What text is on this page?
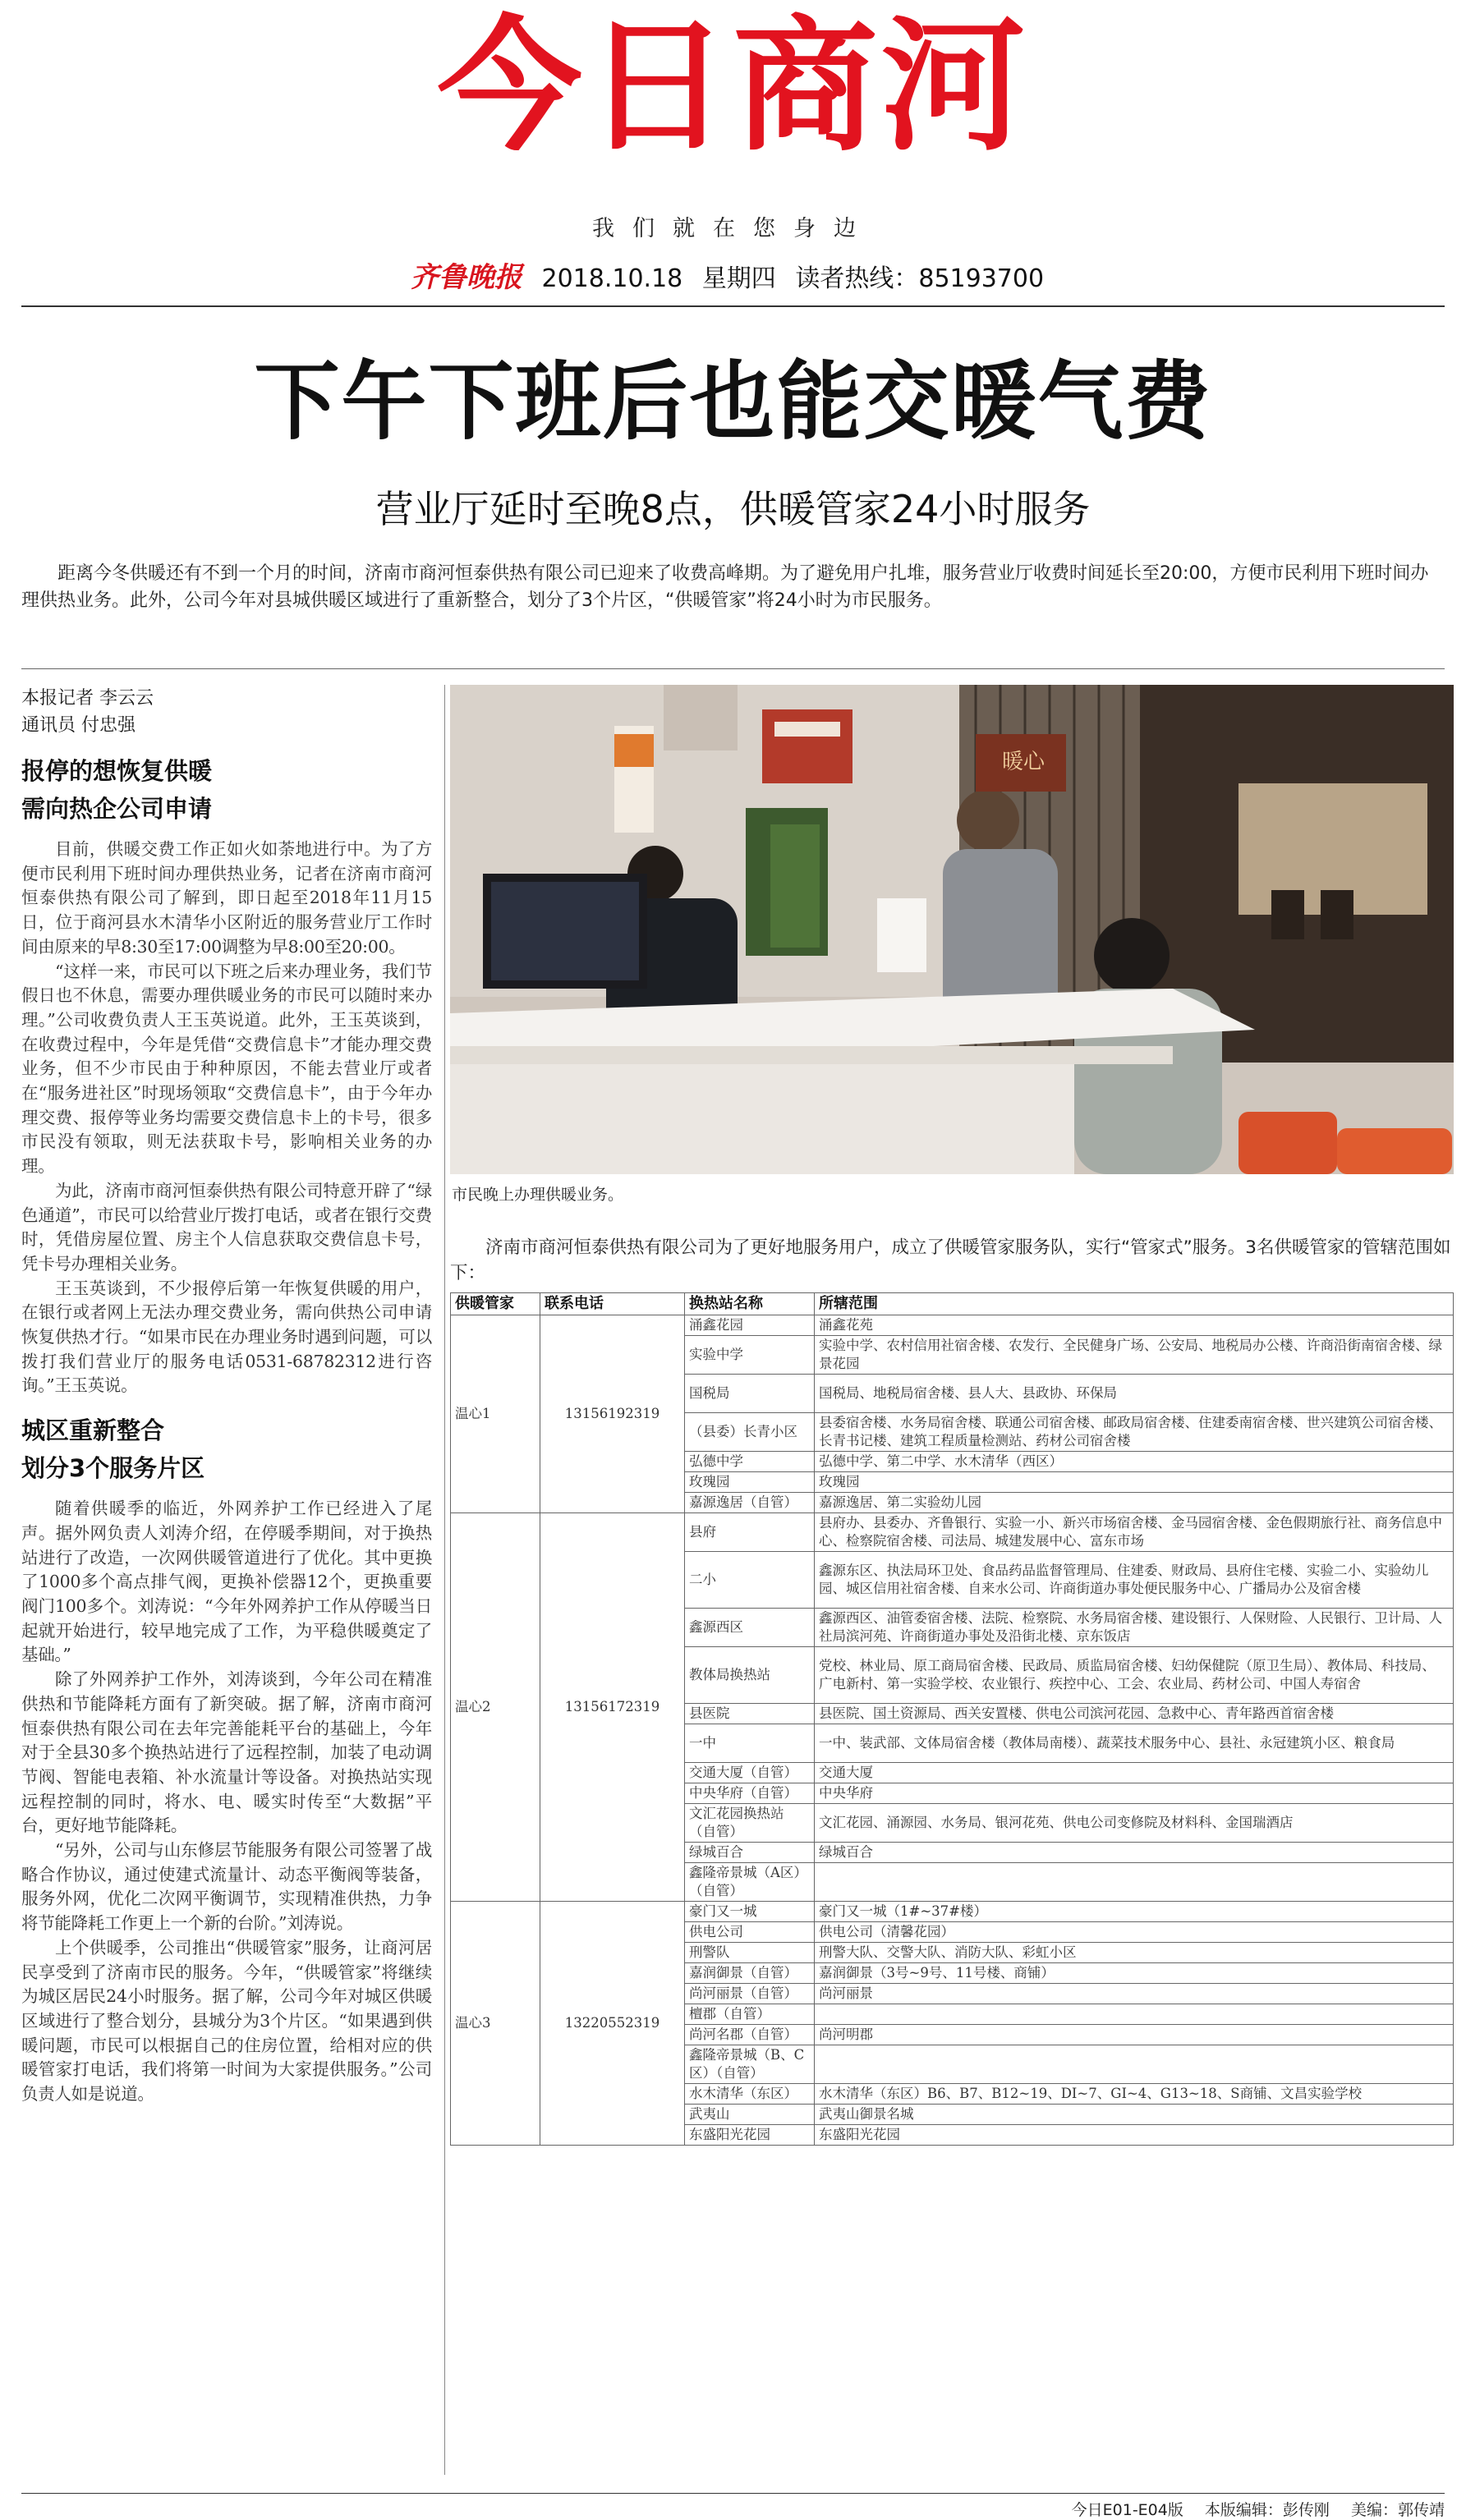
今日商河
我们就在您身边
齐鲁晚报 2018.10.18 星期四 读者热线：85193700
下午下班后也能交暖气费
营业厅延时至晚8点，供暖管家24小时服务
距离今冬供暖还有不到一个月的时间，济南市商河恒泰供热有限公司已迎来了收费高峰期。为了避免用户扎堆，服务营业厅收费时间延长至20:00，方便市民利用下班时间办理供热业务。此外，公司今年对县城供暖区域进行了重新整合，划分了3个片区，“供暖管家”将24小时为市民服务。

本报记者 李云云

通讯员 付忠强

报停的想恢复供暖

需向热企公司申请

目前，供暖交费工作正如火如荼地进行中。为了方便市民利用下班时间办理供热业务，记者在济南市商河恒泰供热有限公司了解到，即日起至2018年11月15日，位于商河县水木清华小区附近的服务营业厅工作时间由原来的早8:30至17:00调整为早8:00至20:00。

“这样一来，市民可以下班之后来办理业务，我们节假日也不休息，需要办理供暖业务的市民可以随时来办理。”公司收费负责人王玉英说道。此外，王玉英谈到，在收费过程中，今年是凭借“交费信息卡”才能办理交费业务，但不少市民由于种种原因，不能去营业厅或者在“服务进社区”时现场领取“交费信息卡”，由于今年办理交费、报停等业务均需要交费信息卡上的卡号，很多市民没有领取，则无法获取卡号，影响相关业务的办理。

为此，济南市商河恒泰供热有限公司特意开辟了“绿色通道”，市民可以给营业厅拨打电话，或者在银行交费时，凭借房屋位置、房主个人信息获取交费信息卡号，凭卡号办理相关业务。

王玉英谈到，不少报停后第一年恢复供暖的用户，在银行或者网上无法办理交费业务，需向供热公司申请恢复供热才行。“如果市民在办理业务时遇到问题，可以拨打我们营业厅的服务电话0531-68782312进行咨询。”王玉英说。

城区重新整合

划分3个服务片区

随着供暖季的临近，外网养护工作已经进入了尾声。据外网负责人刘涛介绍，在停暖季期间，对于换热站进行了改造，一次网供暖管道进行了优化。其中更换了1000多个高点排气阀，更换补偿器12个，更换重要阀门100多个。刘涛说：“今年外网养护工作从停暖当日起就开始进行，较早地完成了工作，为平稳供暖奠定了基础。”

除了外网养护工作外，刘涛谈到，今年公司在精准供热和节能降耗方面有了新突破。据了解，济南市商河恒泰供热有限公司在去年完善能耗平台的基础上，今年对于全县30多个换热站进行了远程控制，加装了电动调节阀、智能电表箱、补水流量计等设备。对换热站实现远程控制的同时，将水、电、暖实时传至“大数据”平台，更好地节能降耗。

“另外，公司与山东修层节能服务有限公司签署了战略合作协议，通过使建式流量计、动态平衡阀等装备，服务外网，优化二次网平衡调节，实现精准供热，力争将节能降耗工作更上一个新的台阶。”刘涛说。

上个供暖季，公司推出“供暖管家”服务，让商河居民享受到了济南市民的服务。今年，“供暖管家”将继续为城区居民24小时服务。据了解，公司今年对城区供暖区域进行了整合划分，县城分为3个片区。“如果遇到供暖问题，市民可以根据自己的住房位置，给相对应的供暖管家打电话，我们将第一时间为大家提供服务。”公司负责人如是说道。

暖心
市民晚上办理供暖业务。
济南市商河恒泰供热有限公司为了更好地服务用户，成立了供暖管家服务队，实行“管家式”服务。3名供暖管家的管辖范围如下：
供暖管家	联系电话	换热站名称	所辖范围
温心1	13156192319	涌鑫花园	涌鑫花苑
		实验中学	实验中学、农村信用社宿舍楼、农发行、全民健身广场、公安局、地税局办公楼、许商沿街南宿舍楼、绿景花园
		国税局	国税局、地税局宿舍楼、县人大、县政协、环保局
		（县委）长青小区	县委宿舍楼、水务局宿舍楼、联通公司宿舍楼、邮政局宿舍楼、住建委南宿舍楼、世兴建筑公司宿舍楼、长青书记楼、建筑工程质量检测站、药材公司宿舍楼
		弘德中学	弘德中学、第二中学、水木清华（西区）
		玫瑰园	玫瑰园
		嘉源逸居（自管）	嘉源逸居、第二实验幼儿园
温心2	13156172319	县府	县府办、县委办、齐鲁银行、实验一小、新兴市场宿舍楼、金马园宿舍楼、金色假期旅行社、商务信息中心、检察院宿舍楼、司法局、城建发展中心、富东市场
		二小	鑫源东区、执法局环卫处、食品药品监督管理局、住建委、财政局、县府住宅楼、实验二小、实验幼儿园、城区信用社宿舍楼、自来水公司、许商街道办事处便民服务中心、广播局办公及宿舍楼
		鑫源西区	鑫源西区、油管委宿舍楼、法院、检察院、水务局宿舍楼、建设银行、人保财险、人民银行、卫计局、人社局滨河苑、许商街道办事处及沿街北楼、京东饭店
		教体局换热站	党校、林业局、原工商局宿舍楼、民政局、质监局宿舍楼、妇幼保健院（原卫生局）、教体局、科技局、广电新村、第一实验学校、农业银行、疾控中心、工会、农业局、药材公司、中国人寿宿舍
		县医院	县医院、国土资源局、西关安置楼、供电公司滨河花园、急救中心、青年路西首宿舍楼
		一中	一中、装武部、文体局宿舍楼（教体局南楼）、蔬菜技术服务中心、县社、永冠建筑小区、粮食局
		交通大厦（自管）	交通大厦
		中央华府（自管）	中央华府
		文汇花园换热站（自管）	文汇花园、涌源园、水务局、银河花苑、供电公司变修院及材料科、金国瑞酒店
		绿城百合	绿城百合
		鑫隆帝景城（A区）（自管）	
温心3	13220552319	豪门又一城	豪门又一城（1#~37#楼）
		供电公司	供电公司（清馨花园）
		刑警队	刑警大队、交警大队、消防大队、彩虹小区
		嘉润御景（自管）	嘉润御景（3号~9号、11号楼、商铺）
		尚河丽景（自管）	尚河丽景
		檀郡（自管）	
		尚河名郡（自管）	尚河明郡
		鑫隆帝景城（B、C区）（自管）	
		水木清华（东区）	水木清华（东区）B6、B7、B12~19、DI~7、GI~4、G13~18、S商铺、文昌实验学校
		武夷山	武夷山御景名城
		东盛阳光花园	东盛阳光花园
今日E01-E04版 本版编辑：彭传刚 美编：郭传靖
